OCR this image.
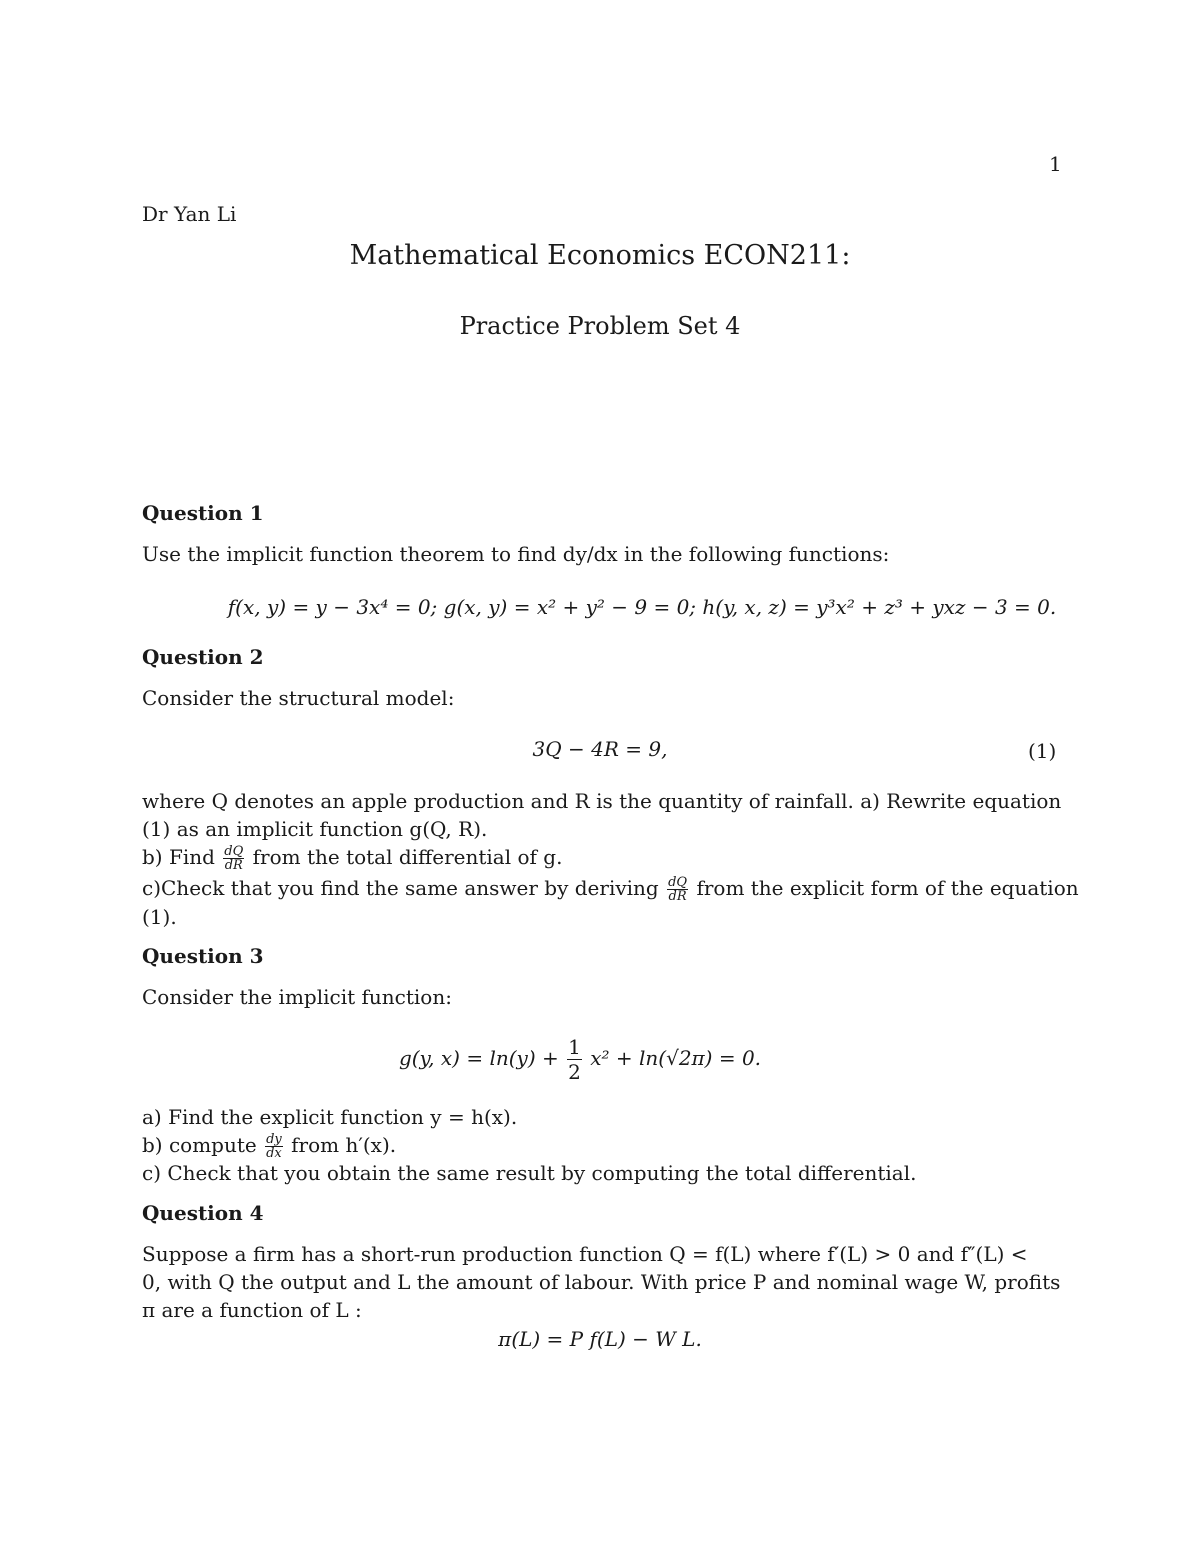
1
Dr Yan Li
Mathematical Economics ECON211:
Practice Problem Set 4
Question 1
Use the implicit function theorem to find dy/dx in the following functions:
f(x, y) = y − 3x⁴ = 0; g(x, y) = x² + y² − 9 = 0; h(y, x, z) = y³x² + z³ + yxz − 3 = 0.
Question 2
Consider the structural model:
3Q − 4R = 9,	(1)
where Q denotes an apple production and R is the quantity of rainfall. a) Rewrite equation
(1) as an implicit function g(Q, R).
b) Find $\frac{dQ}{dR}$ from the total differential of g.
c)Check that you find the same answer by deriving $\frac{dQ}{dR}$ from the explicit form of the equation
(1).
Question 3
Consider the implicit function:
g(y, $x) = \ln(y) + \frac{1}{2} x^2 + \ln(√2\pi) = 0$.
a) Find the explicit function y = h(x).
b) compute $\frac{dy}{dx}$ from h′(x).
c) Check that you obtain the same result by computing the total differential.
Question 4
Suppose a firm has a short-run production function Q = f(L) where f′(L) > 0 and f″(L) <
0, with Q the output and L the amount of labour. With price P and nominal wage W, profits
π are a function of L :
π(L) = P f(L) − W L.
